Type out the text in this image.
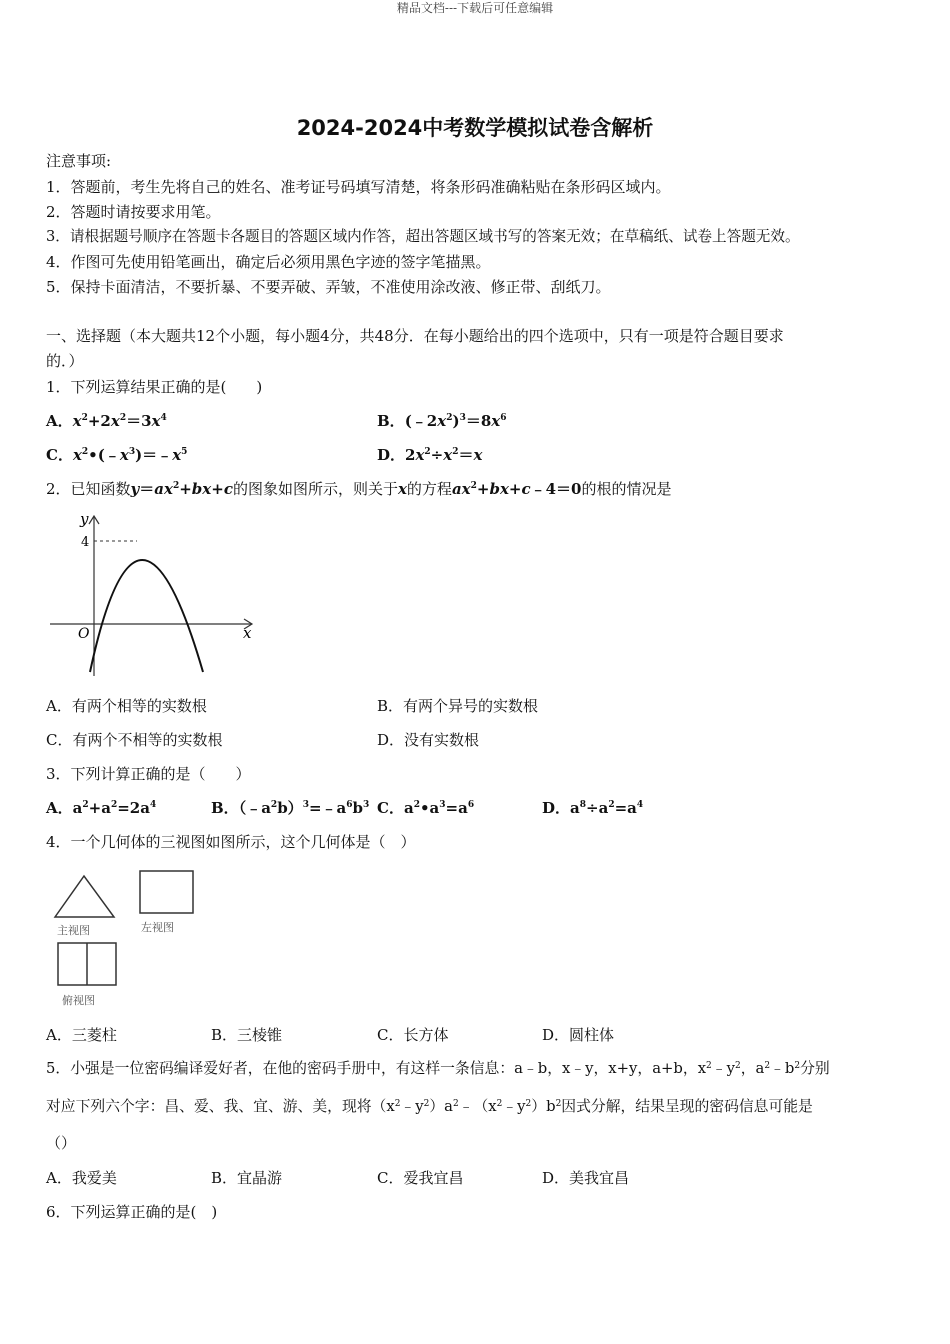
精品文档---下载后可任意编辑
2024-2024中考数学模拟试卷含解析
注意事项:
1．答题前，考生先将自己的姓名、准考证号码填写清楚，将条形码准确粘贴在条形码区域内。
2．答题时请按要求用笔。
3．请根据题号顺序在答题卡各题目的答题区域内作答，超出答题区域书写的答案无效；在草稿纸、试卷上答题无效。
4．作图可先使用铅笔画出，确定后必须用黑色字迹的签字笔描黑。
5．保持卡面清洁，不要折暴、不要弄破、弄皱，不准使用涂改液、修正带、刮纸刀。
一、选择题（本大题共12个小题，每小题4分，共48分．在每小题给出的四个选项中，只有一项是符合题目要求
的．）
1．下列运算结果正确的是(　　)
A．$x^2+2x^2=3x^4$	B．$(﹣2x^2)^3=8x^6$
C．$x^2•(﹣x^3)=﹣x^5$	D．$2x^2\div x^2=x$
2．已知函数$y=ax^2+bx+c$的图象如图所示，则关于x的方程$ax^2+bx+c﹣4=0$的根的情况是
y
x
O
4
A．有两个相等的实数根	B．有两个异号的实数根
C．有两个不相等的实数根	D．没有实数根
3．下列计算正确的是（　　）
A．$a^2+a^2=2a^4$	B．$(﹣a^2b)^3=﹣a^6b^3$ C．$a^2•a^3=a^6$	D．$a^8\div a^2=a^4$
4．一个几何体的三视图如图所示，这个几何体是（　）
主视图	左视图
俯视图
A．三菱柱	B．三棱锥	C．长方体	D．圆柱体
5．小强是一位密码编译爱好者，在他的密码手册中，有这样一条信息：a﹣b，x﹣y，x+y，a+b，$x^2﹣y^2$，$a^2﹣b^2$分别
对应下列六个字：昌、爱、我、宜、游、美，现将$(x^2﹣y^2)a^2﹣(x^2﹣y^2)b^2$因式分解，结果呈现的密码信息可能是
（）
A．我爱美	B．宜晶游	C．爱我宜昌	D．美我宜昌
6．下列运算正确的是(　)
